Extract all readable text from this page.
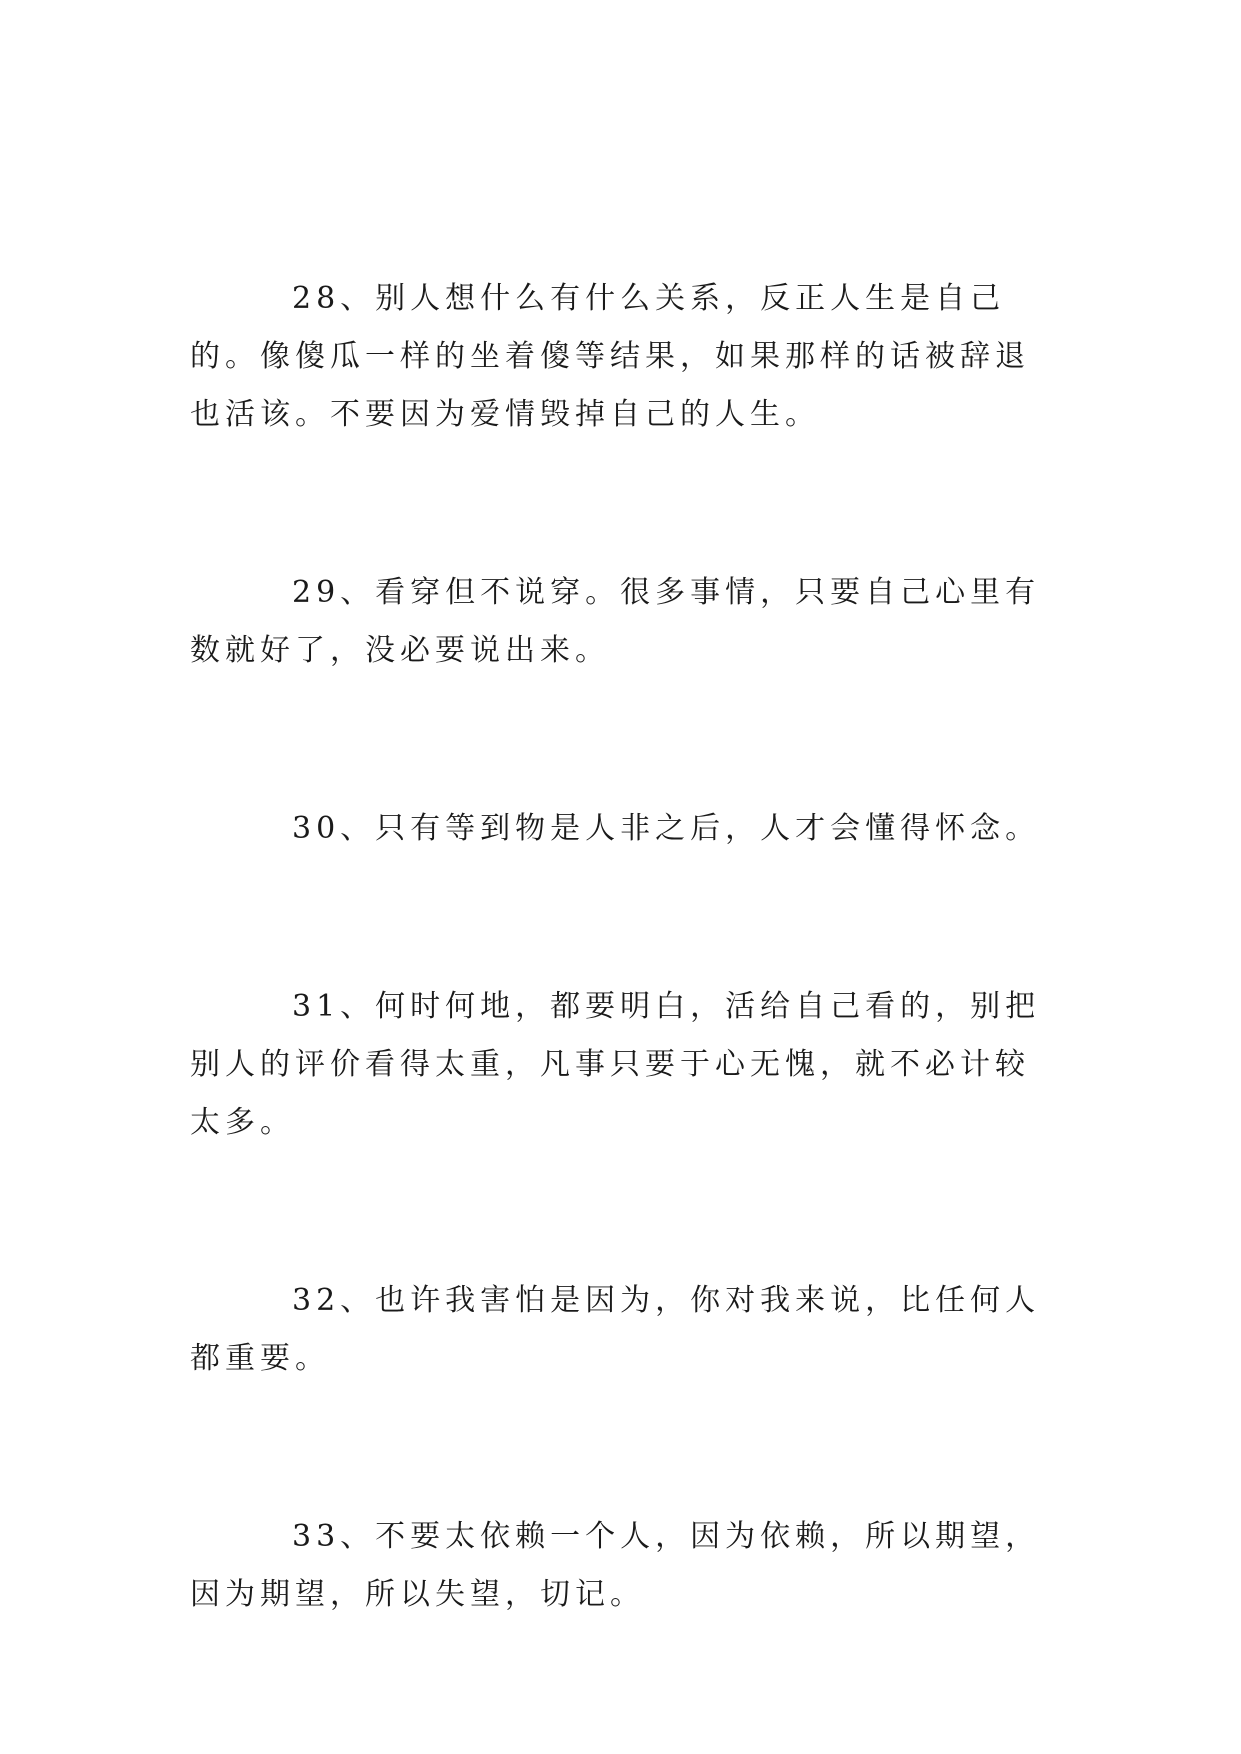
28、别人想什么有什么关系，反正人生是自己的。像傻瓜一样的坐着傻等结果，如果那样的话被辞退也活该。不要因为爱情毁掉自己的人生。

29、看穿但不说穿。很多事情，只要自己心里有数就好了，没必要说出来。

30、只有等到物是人非之后，人才会懂得怀念。

31、何时何地，都要明白，活给自己看的，别把别人的评价看得太重，凡事只要于心无愧，就不必计较太多。

32、也许我害怕是因为，你对我来说，比任何人都重要。

33、不要太依赖一个人，因为依赖，所以期望，因为期望，所以失望，切记。
